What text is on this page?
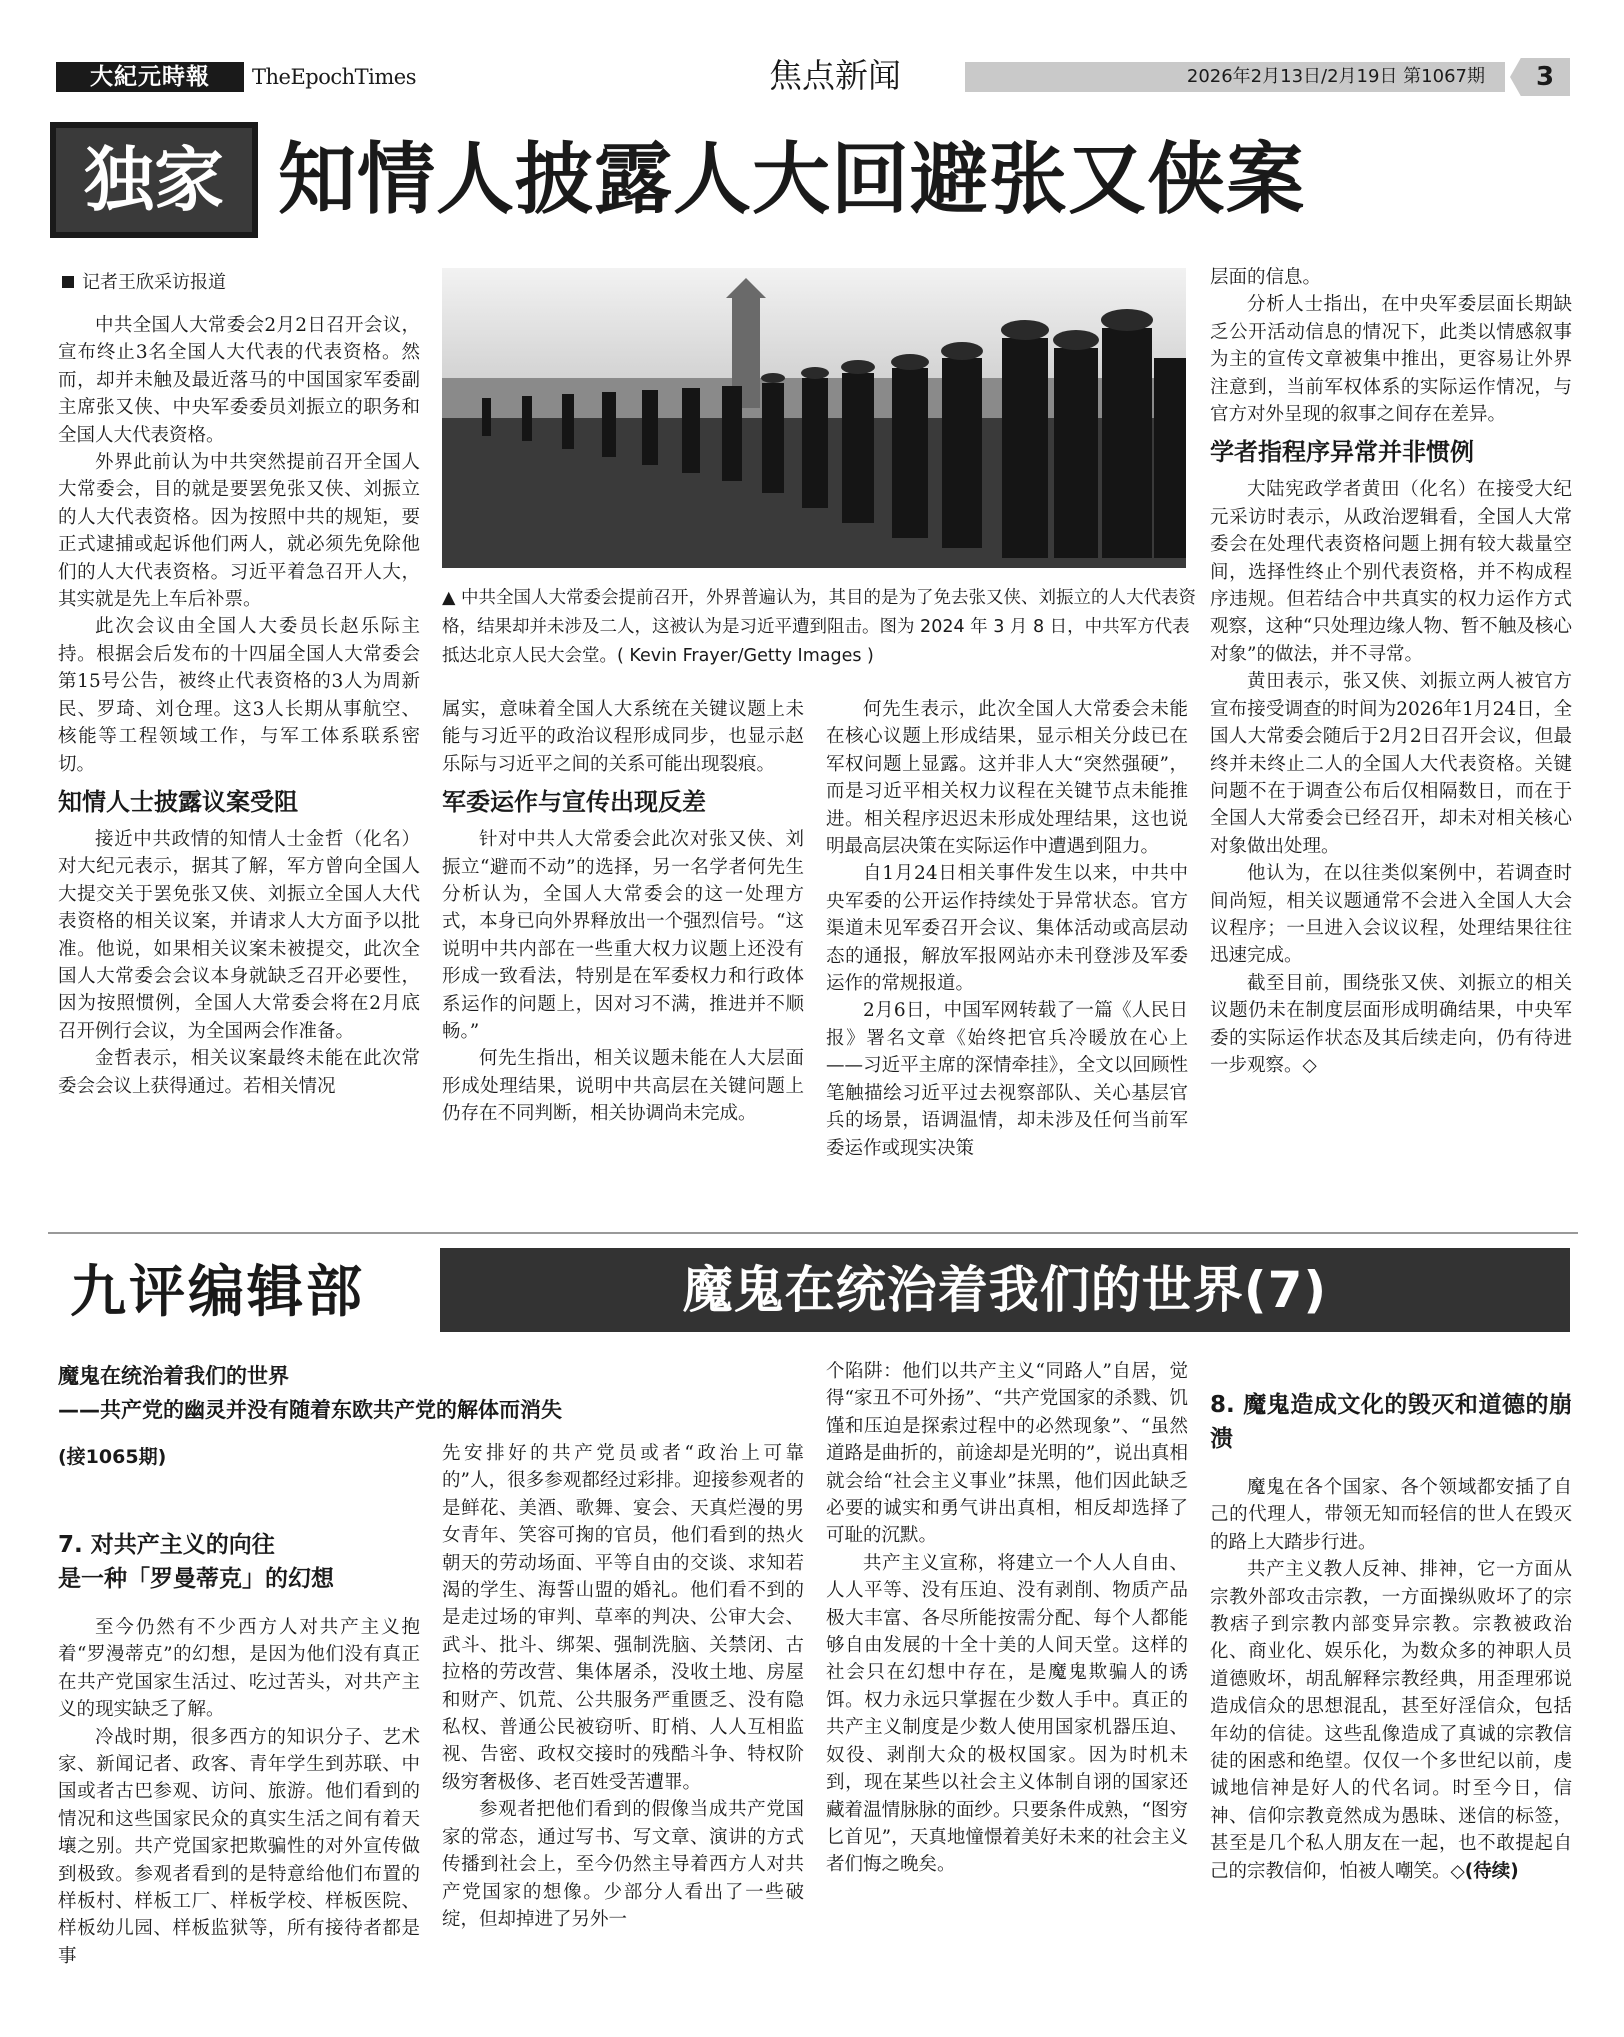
大紀元時報	TheEpochTimes	焦点新闻	2026年2月13日/2月19日 第1067期	3
独家 知情人披露人大回避张又侠案
记者王欣采访报道

中共全国人大常委会2月2日召开会议，宣布终止3名全国人大代表的代表资格。然而，却并未触及最近落马的中国国家军委副主席张又侠、中央军委委员刘振立的职务和全国人大代表资格。

外界此前认为中共突然提前召开全国人大常委会，目的就是要罢免张又侠、刘振立的人大代表资格。因为按照中共的规矩，要正式逮捕或起诉他们两人，就必须先免除他们的人大代表资格。习近平着急召开人大，其实就是先上车后补票。

此次会议由全国人大委员长赵乐际主持。根据会后发布的十四届全国人大常委会第15号公告，被终止代表资格的3人为周新民、罗琦、刘仓理。这3人长期从事航空、核能等工程领域工作，与军工体系联系密切。

知情人士披露议案受阻

接近中共政情的知情人士金哲（化名）对大纪元表示，据其了解，军方曾向全国人大提交关于罢免张又侠、刘振立全国人大代表资格的相关议案，并请求人大方面予以批准。他说，如果相关议案未被提交，此次全国人大常委会会议本身就缺乏召开必要性，因为按照惯例，全国人大常委会将在2月底召开例行会议，为全国两会作准备。

金哲表示，相关议案最终未能在此次常委会会议上获得通过。若相关情况

▲ 中共全国人大常委会提前召开，外界普遍认为，其目的是为了免去张又侠、刘振立的人大代表资格，结果却并未涉及二人，这被认为是习近平遭到阻击。图为 2024 年 3 月 8 日，中共军方代表抵达北京人民大会堂。( Kevin Frayer/Getty Images )

属实，意味着全国人大系统在关键议题上未能与习近平的政治议程形成同步，也显示赵乐际与习近平之间的关系可能出现裂痕。

军委运作与宣传出现反差

针对中共人大常委会此次对张又侠、刘振立“避而不动”的选择，另一名学者何先生分析认为，全国人大常委会的这一处理方式，本身已向外界释放出一个强烈信号。“这说明中共内部在一些重大权力议题上还没有形成一致看法，特别是在军委权力和行政体系运作的问题上，因对习不满，推进并不顺畅。”

何先生指出，相关议题未能在人大层面形成处理结果，说明中共高层在关键问题上仍存在不同判断，相关协调尚未完成。

何先生表示，此次全国人大常委会未能在核心议题上形成结果，显示相关分歧已在军权问题上显露。这并非人大“突然强硬”，而是习近平相关权力议程在关键节点未能推进。相关程序迟迟未形成处理结果，这也说明最高层决策在实际运作中遭遇到阻力。

自1月24日相关事件发生以来，中共中央军委的公开运作持续处于异常状态。官方渠道未见军委召开会议、集体活动或高层动态的通报，解放军报网站亦未刊登涉及军委运作的常规报道。

2月6日，中国军网转载了一篇《人民日报》署名文章《始终把官兵冷暖放在心上——习近平主席的深情牵挂》，全文以回顾性笔触描绘习近平过去视察部队、关心基层官兵的场景，语调温情，却未涉及任何当前军委运作或现实决策

层面的信息。

分析人士指出，在中央军委层面长期缺乏公开活动信息的情况下，此类以情感叙事为主的宣传文章被集中推出，更容易让外界注意到，当前军权体系的实际运作情况，与官方对外呈现的叙事之间存在差异。

学者指程序异常并非惯例

大陆宪政学者黄田（化名）在接受大纪元采访时表示，从政治逻辑看，全国人大常委会在处理代表资格问题上拥有较大裁量空间，选择性终止个别代表资格，并不构成程序违规。但若结合中共真实的权力运作方式观察，这种“只处理边缘人物、暂不触及核心对象”的做法，并不寻常。

黄田表示，张又侠、刘振立两人被官方宣布接受调查的时间为2026年1月24日，全国人大常委会随后于2月2日召开会议，但最终并未终止二人的全国人大代表资格。关键问题不在于调查公布后仅相隔数日，而在于全国人大常委会已经召开，却未对相关核心对象做出处理。

他认为，在以往类似案例中，若调查时间尚短，相关议题通常不会进入全国人大会议程序；一旦进入会议议程，处理结果往往迅速完成。

截至目前，围绕张又侠、刘振立的相关议题仍未在制度层面形成明确结果，中央军委的实际运作状态及其后续走向，仍有待进一步观察。◇

九评编辑部	魔鬼在统治着我们的世界(7)
魔鬼在统治着我们的世界
——共产党的幽灵并没有随着东欧共产党的解体而消失
(接1065期)
7. 对共产主义的向往
是一种「罗曼蒂克」的幻想

至今仍然有不少西方人对共产主义抱着“罗漫蒂克”的幻想，是因为他们没有真正在共产党国家生活过、吃过苦头，对共产主义的现实缺乏了解。

冷战时期，很多西方的知识分子、艺术家、新闻记者、政客、青年学生到苏联、中国或者古巴参观、访问、旅游。他们看到的情况和这些国家民众的真实生活之间有着天壤之别。共产党国家把欺骗性的对外宣传做到极致。参观者看到的是特意给他们布置的样板村、样板工厂、样板学校、样板医院、样板幼儿园、样板监狱等，所有接待者都是事

先安排好的共产党员或者“政治上可靠的”人，很多参观都经过彩排。迎接参观者的是鲜花、美酒、歌舞、宴会、天真烂漫的男女青年、笑容可掬的官员，他们看到的热火朝天的劳动场面、平等自由的交谈、求知若渴的学生、海誓山盟的婚礼。他们看不到的是走过场的审判、草率的判决、公审大会、武斗、批斗、绑架、强制洗脑、关禁闭、古拉格的劳改营、集体屠杀，没收土地、房屋和财产、饥荒、公共服务严重匮乏、没有隐私权、普通公民被窃听、盯梢、人人互相监视、告密、政权交接时的残酷斗争、特权阶级穷奢极侈、老百姓受苦遭罪。

参观者把他们看到的假像当成共产党国家的常态，通过写书、写文章、演讲的方式传播到社会上，至今仍然主导着西方人对共产党国家的想像。少部分人看出了一些破绽，但却掉进了另外一

个陷阱：他们以共产主义“同路人”自居，觉得“家丑不可外扬”、“共产党国家的杀戮、饥馑和压迫是探索过程中的必然现象”、“虽然道路是曲折的，前途却是光明的”，说出真相就会给“社会主义事业”抹黑，他们因此缺乏必要的诚实和勇气讲出真相，相反却选择了可耻的沉默。

共产主义宣称，将建立一个人人自由、人人平等、没有压迫、没有剥削、物质产品极大丰富、各尽所能按需分配、每个人都能够自由发展的十全十美的人间天堂。这样的社会只在幻想中存在，是魔鬼欺骗人的诱饵。权力永远只掌握在少数人手中。真正的共产主义制度是少数人使用国家机器压迫、奴役、剥削大众的极权国家。因为时机未到，现在某些以社会主义体制自诩的国家还藏着温情脉脉的面纱。只要条件成熟，“图穷匕首见”，天真地憧憬着美好未来的社会主义者们悔之晚矣。

8. 魔鬼造成文化的毁灭和道德的崩溃

魔鬼在各个国家、各个领域都安插了自己的代理人，带领无知而轻信的世人在毁灭的路上大踏步行进。

共产主义教人反神、排神，它一方面从宗教外部攻击宗教，一方面操纵败坏了的宗教痞子到宗教内部变异宗教。宗教被政治化、商业化、娱乐化，为数众多的神职人员道德败坏，胡乱解释宗教经典，用歪理邪说造成信众的思想混乱，甚至好淫信众，包括年幼的信徒。这些乱像造成了真诚的宗教信徒的困惑和绝望。仅仅一个多世纪以前，虔诚地信神是好人的代名词。时至今日，信神、信仰宗教竟然成为愚昧、迷信的标签，甚至是几个私人朋友在一起，也不敢提起自己的宗教信仰，怕被人嘲笑。◇(待续)
